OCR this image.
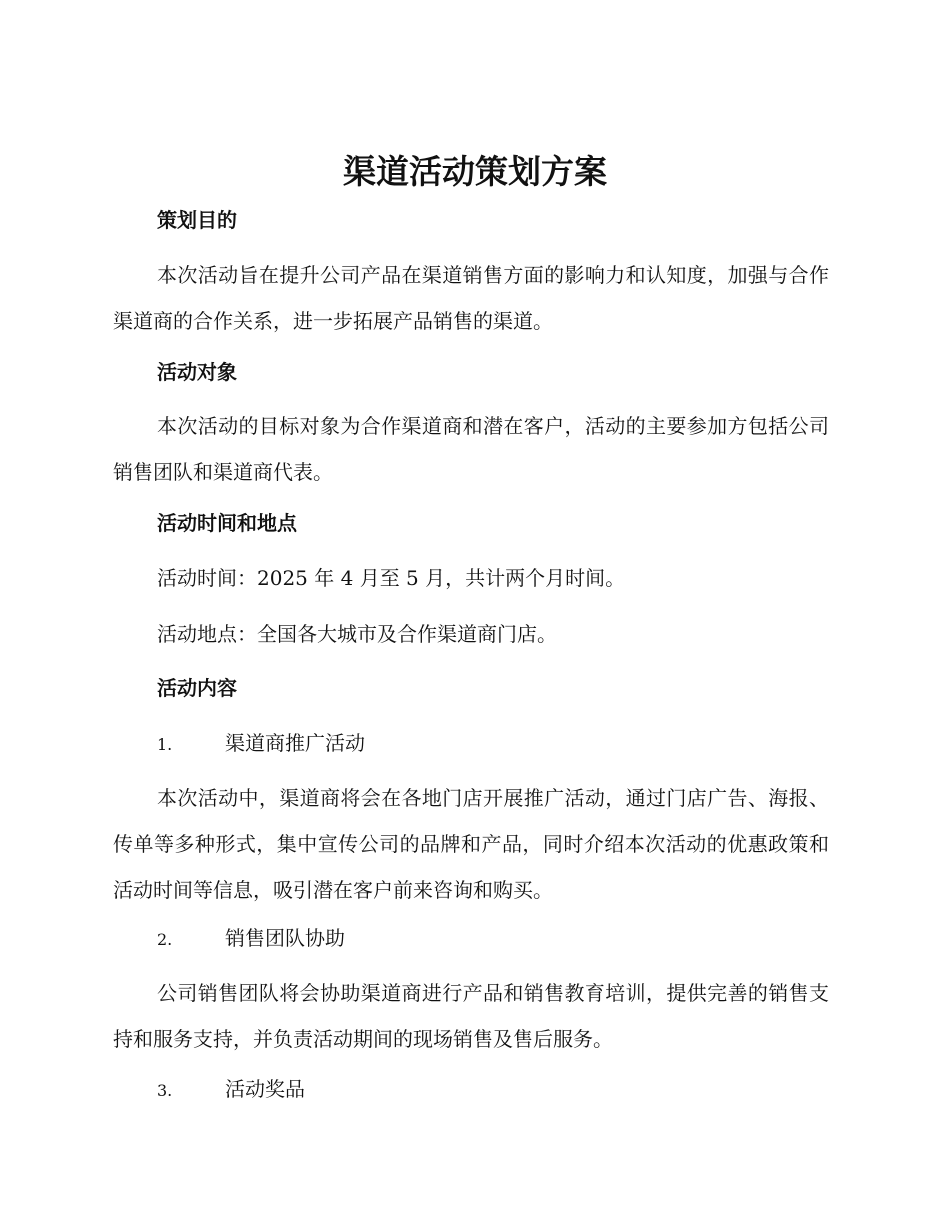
渠道活动策划方案
策划目的

本次活动旨在提升公司产品在渠道销售方面的影响力和认知度，加强与合作渠道商的合作关系，进一步拓展产品销售的渠道。

活动对象

本次活动的目标对象为合作渠道商和潜在客户，活动的主要参加方包括公司销售团队和渠道商代表。

活动时间和地点

活动时间：2025 年 4 月至 5 月，共计两个月时间。

活动地点：全国各大城市及合作渠道商门店。

活动内容

1.	渠道商推广活动

本次活动中，渠道商将会在各地门店开展推广活动，通过门店广告、海报、传单等多种形式，集中宣传公司的品牌和产品，同时介绍本次活动的优惠政策和活动时间等信息，吸引潜在客户前来咨询和购买。

2.	销售团队协助

公司销售团队将会协助渠道商进行产品和销售教育培训，提供完善的销售支持和服务支持，并负责活动期间的现场销售及售后服务。

3.	活动奖品
